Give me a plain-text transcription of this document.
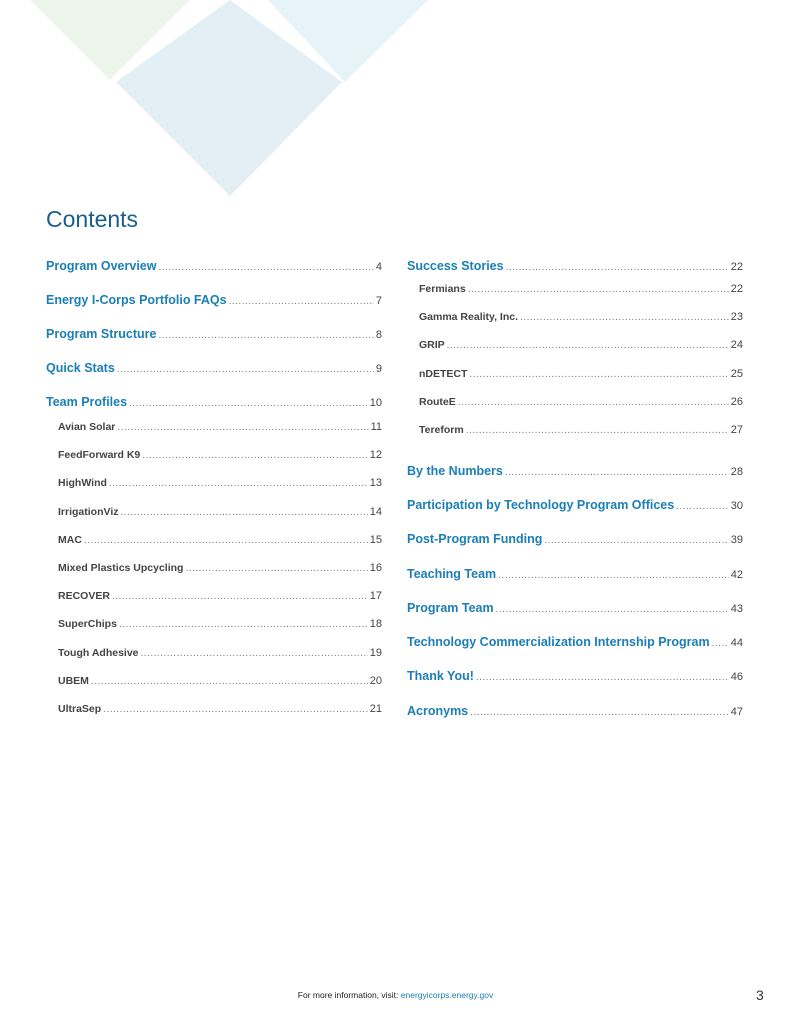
Contents
Program Overview .....	4
Energy I-Corps Portfolio FAQs .....	7
Program Structure .....	8
Quick Stats .....	9
Team Profiles .....	10
Avian Solar .....	11
FeedForward K9 .....	12
HighWind .....	13
IrrigationViz .....	14
MAC .....	15
Mixed Plastics Upcycling .....	16
RECOVER .....	17
SuperChips .....	18
Tough Adhesive .....	19
UBEM .....	20
UltraSep .....	21
Success Stories .....	22
Fermians .....	22
Gamma Reality, Inc. .....	23
GRIP .....	24
nDETECT .....	25
RouteE .....	26
Tereform .....	27
By the Numbers .....	28
Participation by Technology Program Offices .....	30
Post-Program Funding .....	39
Teaching Team .....	42
Program Team .....	43
Technology Commercialization Internship Program ..... 44
Thank You! .....	46
Acronyms .....	47
For more information, visit: energyicorps.energy.gov	3
